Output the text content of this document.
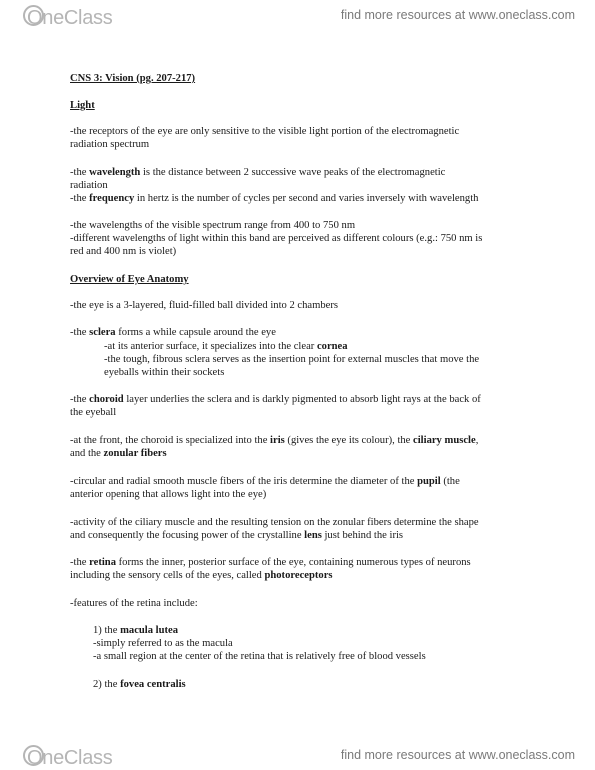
OneClass	find more resources at www.oneclass.com
CNS 3: Vision (pg. 207-217)
Light
-the receptors of the eye are only sensitive to the visible light portion of the electromagnetic
radiation spectrum
-the wavelength is the distance between 2 successive wave peaks of the electromagnetic
radiation
-the frequency in hertz is the number of cycles per second and varies inversely with wavelength
-the wavelengths of the visible spectrum range from 400 to 750 nm
-different wavelengths of light within this band are perceived as different colours (e.g.: 750 nm is
red and 400 nm is violet)
Overview of Eye Anatomy
-the eye is a 3-layered, fluid-filled ball divided into 2 chambers
-the sclera forms a while capsule around the eye
-at its anterior surface, it specializes into the clear cornea
-the tough, fibrous sclera serves as the insertion point for external muscles that move the
eyeballs within their sockets
-the choroid layer underlies the sclera and is darkly pigmented to absorb light rays at the back of
the eyeball
-at the front, the choroid is specialized into the iris (gives the eye its colour), the ciliary muscle,
and the zonular fibers
-circular and radial smooth muscle fibers of the iris determine the diameter of the pupil (the
anterior opening that allows light into the eye)
-activity of the ciliary muscle and the resulting tension on the zonular fibers determine the shape
and consequently the focusing power of the crystalline lens just behind the iris
-the retina forms the inner, posterior surface of the eye, containing numerous types of neurons
including the sensory cells of the eyes, called photoreceptors
-features of the retina include:
1) the macula lutea
-simply referred to as the macula
-a small region at the center of the retina that is relatively free of blood vessels
2) the fovea centralis
OneClass	find more resources at www.oneclass.com
